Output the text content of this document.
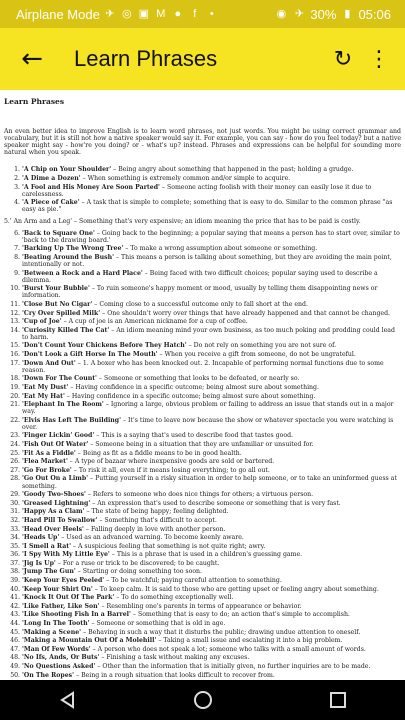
Airplane Mode ✈ ◎ ▣ M ●	f	•	◉ ✈ 30% ▮ 05:06
← Learn Phrases	↻ ⋮
Learn Phrases

An even better idea to improve English is to learn word phrases, not just words. You might be using correct grammar and vocabulary, but it is still not how a native speaker would say it. For example, you can say - how do you feel today? but a native speaker might say - how're you doing? or - what's up? instead. Phrases and expressions can be helpful for sounding more natural when you speak.

1. 'A Chip on Your Shoulder' – Being angry about something that happened in the past; holding a grudge.
2. 'A Dime a Dozen' – When something is extremely common and/or simple to acquire.
3. 'A Fool and His Money Are Soon Parted' – Someone acting foolish with their money can easily lose it due to carelessness.
4. 'A Piece of Cake' – A task that is simple to complete; something that is easy to do. Similar to the common phrase "as easy as pie."
5.' An Arm and a Leg' – Something that's very expensive; an idiom meaning the price that has to be paid is costly.
6. 'Back to Square One' – Going back to the beginning; a popular saying that means a person has to start over, similar to 'back to the drawing board.'
7. 'Barking Up The Wrong Tree' – To make a wrong assumption about someone or something.
8. 'Beating Around the Bush' – This means a person is talking about something, but they are avoiding the main point, intentionally or not.
9. 'Between a Rock and a Hard Place' – Being faced with two difficult choices; popular saying used to describe a dilemma.
10. 'Burst Your Bubble' – To ruin someone's happy moment or mood, usually by telling them disappointing news or information.
11. 'Close But No Cigar' – Coming close to a successful outcome only to fall short at the end.
12. 'Cry Over Spilled Milk' – One shouldn't worry over things that have already happened and that cannot be changed.
13. 'Cup of Joe' – A cup of joe is an American nickname for a cup of coffee.
14. 'Curiosity Killed The Cat' – An idiom meaning mind your own business, as too much poking and prodding could lead to harm.
15. 'Don't Count Your Chickens Before They Hatch' – Do not rely on something you are not sure of.
16. 'Don't Look a Gift Horse In The Mouth' – When you receive a gift from someone, do not be ungrateful.
17. 'Down And Out' – 1. A boxer who has been knocked out. 2. Incapable of performing normal functions due to some reason.
18. 'Down For The Count' – Someone or something that looks to be defeated, or nearly so.
19. 'Eat My Dust' – Having confidence in a specific outcome; being almost sure about something.
20. 'Eat My Hat' – Having confidence in a specific outcome; being almost sure about something.
21. 'Elephant In The Room' – Ignoring a large, obvious problem or failing to address an issue that stands out in a major way.
22. 'Elvis Has Left The Building' – It's time to leave now because the show or whatever spectacle you were watching is over.
23. 'Finger Lickin' Good' – This is a saying that's used to describe food that tastes good.
24. 'Fish Out Of Water' – Someone being in a situation that they are unfamiliar or unsuited for.
25. 'Fit As a Fiddle' – Being as fit as a fiddle means to be in good health.
26. 'Flea Market' – A type of bazaar where inexpensive goods are sold or bartered.
27. 'Go For Broke' – To risk it all, even if it means losing everything; to go all out.
28. 'Go Out On a Limb' – Putting yourself in a risky situation in order to help someone, or to take an uninformed guess at something.
29. 'Goody Two-Shoes' – Refers to someone who does nice things for others; a virtuous person.
30. 'Greased Lightning' – An expression that's used to describe someone or something that is very fast.
31. 'Happy As a Clam' – The state of being happy; feeling delighted.
32. 'Hard Pill To Swallow' – Something that's difficult to accept.
33. 'Head Over Heels' – Falling deeply in love with another person.
34. 'Heads Up' – Used as an advanced warning. To become keenly aware.
35. 'I Smell a Rat' – A suspicious feeling that something is not quite right; awry.
36. 'I Spy With My Little Eye' – This is a phrase that is used in a children's guessing game.
37. 'Jig Is Up' – For a ruse or trick to be discovered; to be caught.
38. 'Jump The Gun' – Starting or doing something too soon.
39. 'Keep Your Eyes Peeled' – To be watchful; paying careful attention to something.
40. 'Keep Your Shirt On' – To keep calm. It is said to those who are getting upset or feeling angry about something.
41. 'Knock It Out Of The Park' – To do something exceptionally well.
42. 'Like Father, Like Son' – Resembling one's parents in terms of appearance or behavior.
43. 'Like Shooting Fish In a Barrel' – Something that is easy to do; an action that's simple to accomplish.
44. 'Long In The Tooth' – Someone or something that is old in age.
45. 'Making a Scene' – Behaving in such a way that it disturbs the public; drawing undue attention to oneself.
46. 'Making a Mountain Out Of a Molehill' – Taking a small issue and escalating it into a big problem.
47. 'Man Of Few Words' – A person who does not speak a lot; someone who talks with a small amount of words.
48. 'No Ifs, Ands, Or Buts' – Finishing a task without making any excuses.
49. 'No Questions Asked' – Other than the information that is initially given, no further inquiries are to be made.
50. 'On The Ropes' – Being in a rough situation that looks difficult to recover from.
51.
52.
53.
